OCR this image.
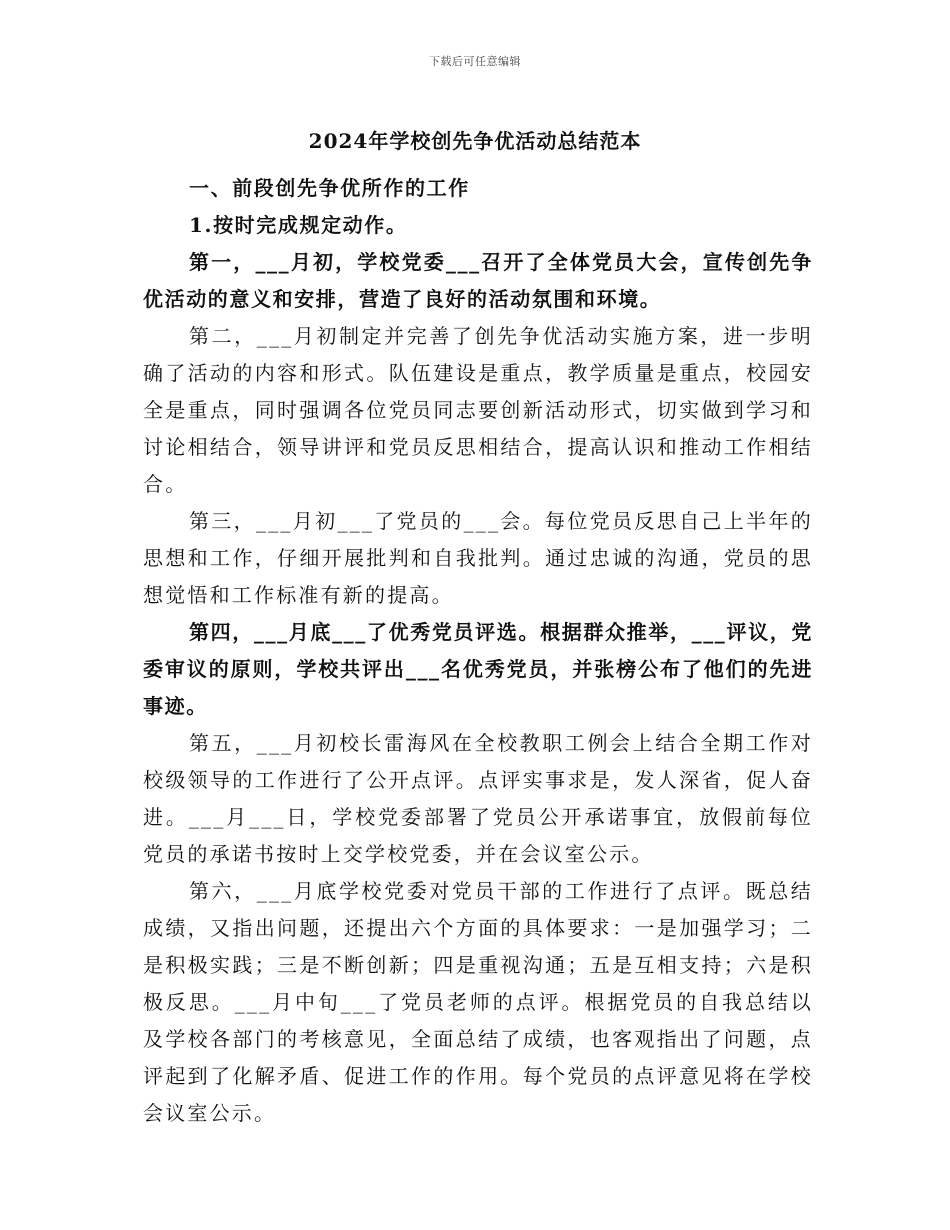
下载后可任意编辑
2024年学校创先争优活动总结范本

一、前段创先争优所作的工作

1.按时完成规定动作。

第一，___月初，学校党委___召开了全体党员大会，宣传创先争优活动的意义和安排，营造了良好的活动氛围和环境。

第二，___月初制定并完善了创先争优活动实施方案，进一步明确了活动的内容和形式。队伍建设是重点，教学质量是重点，校园安全是重点，同时强调各位党员同志要创新活动形式，切实做到学习和讨论相结合，领导讲评和党员反思相结合，提高认识和推动工作相结合。

第三，___月初___了党员的___会。每位党员反思自己上半年的思想和工作，仔细开展批判和自我批判。通过忠诚的沟通，党员的思想觉悟和工作标准有新的提高。

第四，___月底___了优秀党员评选。根据群众推举，___评议，党委审议的原则，学校共评出___名优秀党员，并张榜公布了他们的先进事迹。

第五，___月初校长雷海风在全校教职工例会上结合全期工作对校级领导的工作进行了公开点评。点评实事求是，发人深省，促人奋进。___月___日，学校党委部署了党员公开承诺事宜，放假前每位党员的承诺书按时上交学校党委，并在会议室公示。

第六，___月底学校党委对党员干部的工作进行了点评。既总结成绩，又指出问题，还提出六个方面的具体要求：一是加强学习；二是积极实践；三是不断创新；四是重视沟通；五是互相支持；六是积极反思。___月中旬___了党员老师的点评。根据党员的自我总结以及学校各部门的考核意见，全面总结了成绩，也客观指出了问题，点评起到了化解矛盾、促进工作的作用。每个党员的点评意见将在学校会议室公示。
